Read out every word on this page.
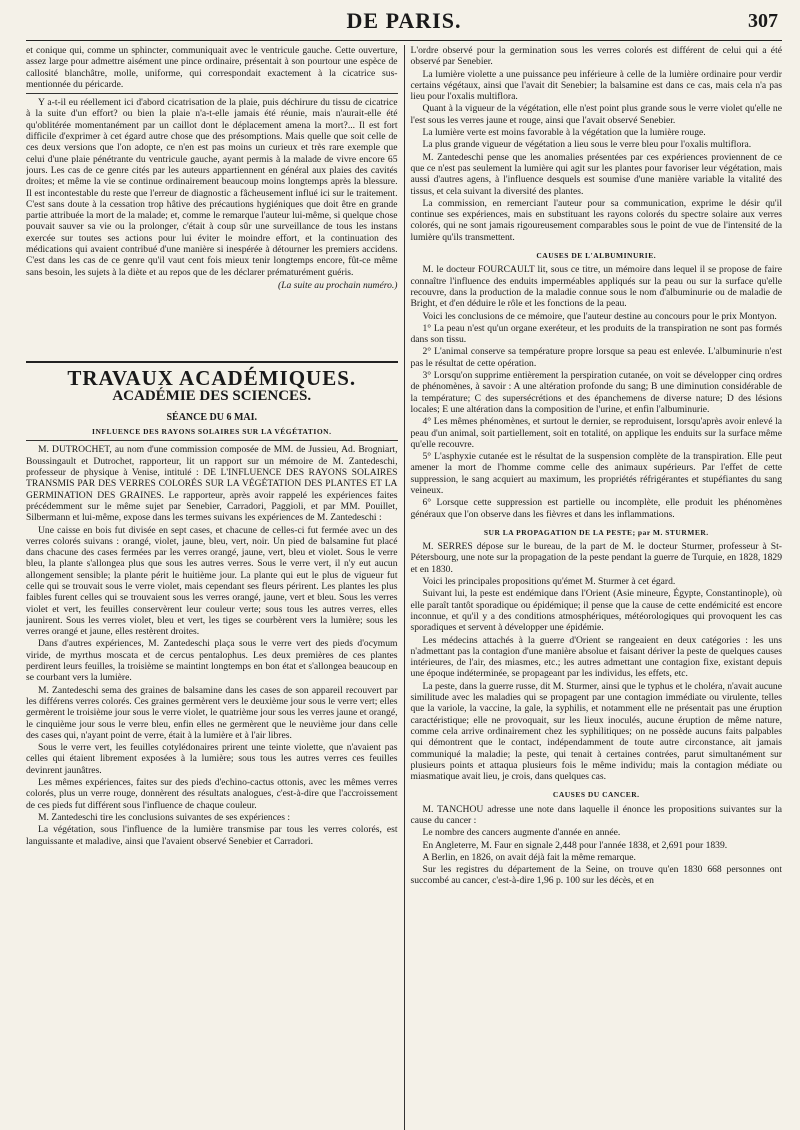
DE PARIS.	307

et conique qui, comme un sphincter, communiquait avec le ventricule gauche. Cette ouverture, assez large pour admettre aisément une pince ordinaire, présentait à son pourtour une espèce de callosité blanchâtre, molle, uniforme, qui correspondait exactement à la cicatrice sus-mentionnée du péricarde.

Y a-t-il eu réellement ici d'abord cicatrisation de la plaie, puis déchirure du tissu de cicatrice à la suite d'un effort? ou bien la plaie n'a-t-elle jamais été réunie, mais n'aurait-elle été qu'oblitérée momentanément par un caillot dont le déplacement amena la mort?... Il est fort difficile d'exprimer à cet égard autre chose que des présomptions. Mais quelle que soit celle de ces deux versions que l'on adopte, ce n'en est pas moins un curieux et très rare exemple que celui d'une plaie pénétrante du ventricule gauche, ayant permis à la malade de vivre encore 65 jours. Les cas de ce genre cités par les auteurs appartiennent en général aux plaies des cavités droites; et même la vie se continue ordinairement beaucoup moins longtemps après la blessure. Il est incontestable du reste que l'erreur de diagnostic a fâcheusement influé ici sur le traitement. C'est sans doute à la cessation trop hâtive des précautions hygiéniques que doit être en grande partie attribuée la mort de la malade; et, comme le remarque l'auteur lui-même, si quelque chose pouvait sauver sa vie ou la prolonger, c'était à coup sûr une surveillance de tous les instans exercée sur toutes ses actions pour lui éviter le moindre effort, et la continuation des médications qui avaient contribué d'une manière si inespérée à détourner les premiers accidens. C'est dans les cas de ce genre qu'il vaut cent fois mieux tenir longtemps encore, fût-ce même sans besoin, les sujets à la diète et au repos que de les déclarer prématurément guéris.

(La suite au prochain numéro.)

TRAVAUX ACADÉMIQUES.
ACADÉMIE DES SCIENCES.
SÉANCE DU 6 MAI.
INFLUENCE DES RAYONS SOLAIRES SUR LA VÉGÉTATION.

M. DUTROCHET, au nom d'une commission composée de MM. de Jussieu, Ad. Brogniart, Boussingault et Dutrochet, rapporteur, lit un rapport sur un mémoire de M. Zantedeschi, professeur de physique à Venise, intitulé : DE L'INFLUENCE DES RAYONS SOLAIRES TRANSMIS PAR DES VERRES COLORÉS SUR LA VÉGÉTATION DES PLANTES ET LA GERMINATION DES GRAINES. Le rapporteur, après avoir rappelé les expériences faites précédemment sur le même sujet par Senebier, Carradori, Paggioli, et par MM. Pouillet, Silbermann et lui-même, expose dans les termes suivans les expériences de M. Zantedeschi :

Une caisse en bois fut divisée en sept cases, et chacune de celles-ci fut fermée avec un des verres colorés suivans : orangé, violet, jaune, bleu, vert, noir. Un pied de balsamine fut placé dans chacune des cases fermées par les verres orangé, jaune, vert, bleu et violet. Sous le verre bleu, la plante s'allongea plus que sous les autres verres. Sous le verre vert, il n'y eut aucun allongement sensible; la plante périt le huitième jour. La plante qui eut le plus de vigueur fut celle qui se trouvait sous le verre violet, mais cependant ses fleurs périrent. Les plantes les plus faibles furent celles qui se trouvaient sous les verres orangé, jaune, vert et bleu. Sous les verres violet et vert, les feuilles conservèrent leur couleur verte; sous tous les autres verres, elles jaunirent. Sous les verres violet, bleu et vert, les tiges se courbèrent vers la lumière; sous les verres orangé et jaune, elles restèrent droites.

Dans d'autres expériences, M. Zantedeschi plaça sous le verre vert des pieds d'ocymum viride, de myrthus moscata et de cercus pentalophus. Les deux premières de ces plantes perdirent leurs feuilles, la troisième se maintint longtemps en bon état et s'allongea beaucoup en se courbant vers la lumière.

M. Zantedeschi sema des graines de balsamine dans les cases de son appareil recouvert par les différens verres colorés. Ces graines germèrent vers le deuxième jour sous le verre vert; elles germèrent le troisième jour sous le verre violet, le quatrième jour sous les verres jaune et orangé, le cinquième jour sous le verre bleu, enfin elles ne germèrent que le neuvième jour dans celle des cases qui, n'ayant point de verre, était à la lumière et à l'air libres.

Sous le verre vert, les feuilles cotylédonaires prirent une teinte violette, que n'avaient pas celles qui étaient librement exposées à la lumière; sous tous les autres verres ces feuilles devinrent jaunâtres.

Les mêmes expériences, faites sur des pieds d'echino-cactus ottonis, avec les mêmes verres colorés, plus un verre rouge, donnèrent des résultats analogues, c'est-à-dire que l'accroissement de ces pieds fut différent sous l'influence de chaque couleur.

M. Zantedeschi tire les conclusions suivantes de ses expériences :

La végétation, sous l'influence de la lumière transmise par tous les verres colorés, est languissante et maladive, ainsi que l'avaient observé Senebier et Carradori.

L'ordre observé pour la germination sous les verres colorés est différent de celui qui a été observé par Senebier.

La lumière violette a une puissance peu inférieure à celle de la lumière ordinaire pour verdir certains végétaux, ainsi que l'avait dit Senebier; la balsamine est dans ce cas, mais cela n'a pas lieu pour l'oxalis multiflora.

Quant à la vigueur de la végétation, elle n'est point plus grande sous le verre violet qu'elle ne l'est sous les verres jaune et rouge, ainsi que l'avait observé Senebier.

La lumière verte est moins favorable à la végétation que la lumière rouge.

La plus grande vigueur de végétation a lieu sous le verre bleu pour l'oxalis multiflora.

M. Zantedeschi pense que les anomalies présentées par ces expériences proviennent de ce que ce n'est pas seulement la lumière qui agit sur les plantes pour favoriser leur végétation, mais aussi d'autres agens, à l'influence desquels est soumise d'une manière variable la vitalité des tissus, et cela suivant la diversité des plantes.

La commission, en remerciant l'auteur pour sa communication, exprime le désir qu'il continue ses expériences, mais en substituant les rayons colorés du spectre solaire aux verres colorés, qui ne sont jamais rigoureusement comparables sous le point de vue de l'intensité de la lumière qu'ils transmettent.

CAUSES DE L'ALBUMINURIE.

M. le docteur FOURCAULT lit, sous ce titre, un mémoire dans lequel il se propose de faire connaître l'influence des enduits imperméables appliqués sur la peau ou sur la surface qu'elle recouvre, dans la production de la maladie connue sous le nom d'albuminurie ou de maladie de Bright, et d'en déduire le rôle et les fonctions de la peau.

Voici les conclusions de ce mémoire, que l'auteur destine au concours pour le prix Montyon.

1° La peau n'est qu'un organe exeréteur, et les produits de la transpiration ne sont pas formés dans son tissu.

2° L'animal conserve sa température propre lorsque sa peau est enlevée. L'albuminurie n'est pas le résultat de cette opération.

3° Lorsqu'on supprime entièrement la perspiration cutanée, on voit se développer cinq ordres de phénomènes, à savoir : A une altération profonde du sang; B une diminution considérable de la température; C des supersécrétions et des épanchemens de diverse nature; D des lésions locales; E une altération dans la composition de l'urine, et enfin l'albuminurie.

4° Les mêmes phénomènes, et surtout le dernier, se reproduisent, lorsqu'après avoir enlevé la peau d'un animal, soit partiellement, soit en totalité, on applique les enduits sur la surface même qu'elle recouvre.

5° L'asphyxie cutanée est le résultat de la suspension complète de la transpiration. Elle peut amener la mort de l'homme comme celle des animaux supérieurs. Par l'effet de cette suppression, le sang acquiert au maximum, les propriétés réfrigérantes et stupéfiantes du sang veineux.

6° Lorsque cette suppression est partielle ou incomplète, elle produit les phénomènes généraux que l'on observe dans les fièvres et dans les inflammations.

SUR LA PROPAGATION DE LA PESTE; par M. STURMER.

M. SERRES dépose sur le bureau, de la part de M. le docteur Sturmer, professeur à St-Pétersbourg, une note sur la propagation de la peste pendant la guerre de Turquie, en 1828, 1829 et en 1830.

Voici les principales propositions qu'émet M. Sturmer à cet égard.

Suivant lui, la peste est endémique dans l'Orient (Asie mineure, Égypte, Constantinople), où elle paraît tantôt sporadique ou épidémique; il pense que la cause de cette endémicité est encore inconnue, et qu'il y a des conditions atmosphériques, météorologiques qui provoquent les cas sporadiques et servent à développer une épidémie.

Les médecins attachés à la guerre d'Orient se rangeaient en deux catégories : les uns n'admettant pas la contagion d'une manière absolue et faisant dériver la peste de quelques causes intérieures, de l'air, des miasmes, etc.; les autres admettant une contagion fixe, existant depuis une époque indéterminée, se propageant par les individus, les effets, etc.

La peste, dans la guerre russe, dit M. Sturmer, ainsi que le typhus et le choléra, n'avait aucune similitude avec les maladies qui se propagent par une contagion immédiate ou virulente, telles que la variole, la vaccine, la gale, la syphilis, et notamment elle ne présentait pas une éruption caractéristique; elle ne provoquait, sur les lieux inoculés, aucune éruption de même nature, comme cela arrive ordinairement chez les syphilitiques; on ne possède aucuns faits palpables qui démontrent que le contact, indépendamment de toute autre circonstance, ait jamais communiqué la maladie; la peste, qui tenait à certaines contrées, parut simultanément sur plusieurs points et attaqua plusieurs fois le même individu; mais la contagion médiate ou miasmatique avait lieu, je crois, dans quelques cas.

CAUSES DU CANCER.

M. TANCHOU adresse une note dans laquelle il énonce les propositions suivantes sur la cause du cancer :

Le nombre des cancers augmente d'année en année.

En Angleterre, M. Faur en signale 2,448 pour l'année 1838, et 2,691 pour 1839.

A Berlin, en 1826, on avait déjà fait la même remarque.

Sur les registres du département de la Seine, on trouve qu'en 1830 668 personnes ont succombé au cancer, c'est-à-dire 1,96 p. 100 sur les décès, et en
